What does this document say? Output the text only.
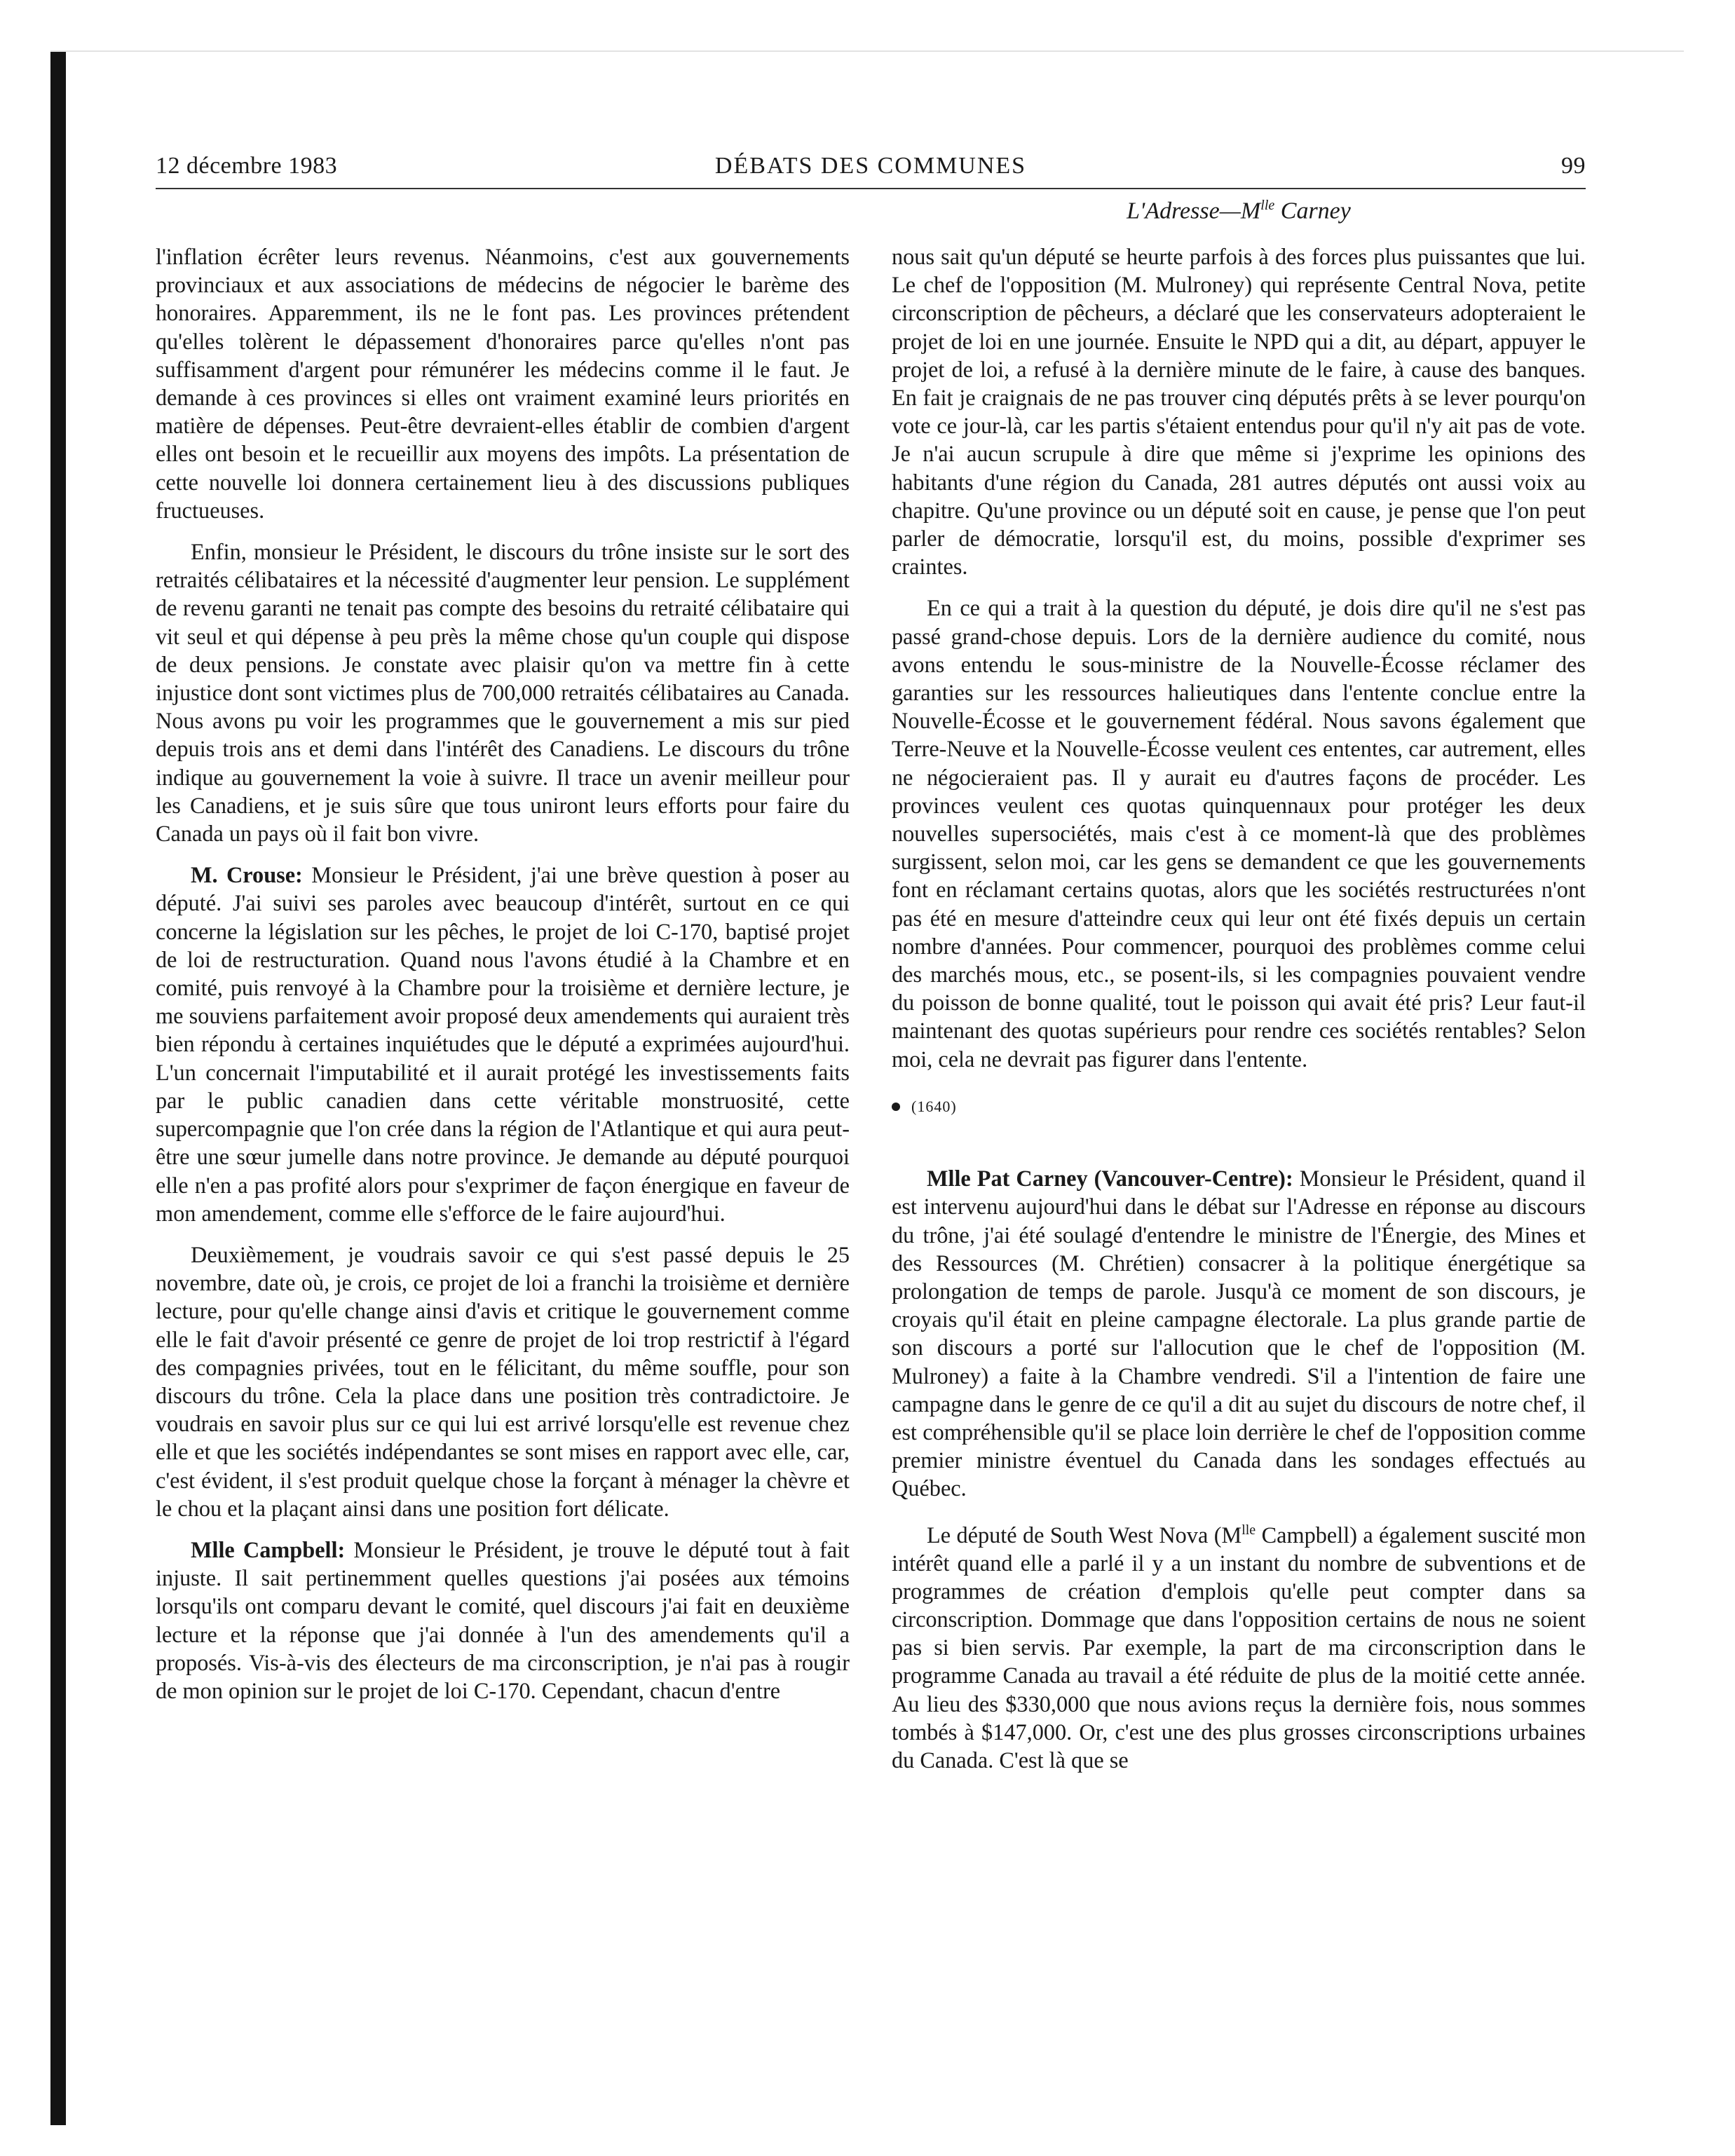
12 décembre 1983	DÉBATS DES COMMUNES	99
$L'Adresse—M^{lle}$ Carney

l'inflation écrêter leurs revenus. Néanmoins, c'est aux gouvernements provinciaux et aux associations de médecins de négocier le barème des honoraires. Apparemment, ils ne le font pas. Les provinces prétendent qu'elles tolèrent le dépassement d'honoraires parce qu'elles n'ont pas suffisamment d'argent pour rémunérer les médecins comme il le faut. Je demande à ces provinces si elles ont vraiment examiné leurs priorités en matière de dépenses. Peut-être devraient-elles établir de combien d'argent elles ont besoin et le recueillir aux moyens des impôts. La présentation de cette nouvelle loi donnera certainement lieu à des discussions publiques fructueuses.

Enfin, monsieur le Président, le discours du trône insiste sur le sort des retraités célibataires et la nécessité d'augmenter leur pension. Le supplément de revenu garanti ne tenait pas compte des besoins du retraité célibataire qui vit seul et qui dépense à peu près la même chose qu'un couple qui dispose de deux pensions. Je constate avec plaisir qu'on va mettre fin à cette injustice dont sont victimes plus de 700,000 retraités célibataires au Canada. Nous avons pu voir les programmes que le gouvernement a mis sur pied depuis trois ans et demi dans l'intérêt des Canadiens. Le discours du trône indique au gouvernement la voie à suivre. Il trace un avenir meilleur pour les Canadiens, et je suis sûre que tous uniront leurs efforts pour faire du Canada un pays où il fait bon vivre.

M. Crouse: Monsieur le Président, j'ai une brève question à poser au député. J'ai suivi ses paroles avec beaucoup d'intérêt, surtout en ce qui concerne la législation sur les pêches, le projet de loi C-170, baptisé projet de loi de restructuration. Quand nous l'avons étudié à la Chambre et en comité, puis renvoyé à la Chambre pour la troisième et dernière lecture, je me souviens parfaitement avoir proposé deux amendements qui auraient très bien répondu à certaines inquiétudes que le député a exprimées aujourd'hui. L'un concernait l'imputabilité et il aurait protégé les investissements faits par le public canadien dans cette véritable monstruosité, cette supercompagnie que l'on crée dans la région de l'Atlantique et qui aura peut-être une sœur jumelle dans notre province. Je demande au député pourquoi elle n'en a pas profité alors pour s'exprimer de façon énergique en faveur de mon amendement, comme elle s'efforce de le faire aujourd'hui.

Deuxièmement, je voudrais savoir ce qui s'est passé depuis le 25 novembre, date où, je crois, ce projet de loi a franchi la troisième et dernière lecture, pour qu'elle change ainsi d'avis et critique le gouvernement comme elle le fait d'avoir présenté ce genre de projet de loi trop restrictif à l'égard des compagnies privées, tout en le félicitant, du même souffle, pour son discours du trône. Cela la place dans une position très contradictoire. Je voudrais en savoir plus sur ce qui lui est arrivé lorsqu'elle est revenue chez elle et que les sociétés indépendantes se sont mises en rapport avec elle, car, c'est évident, il s'est produit quelque chose la forçant à ménager la chèvre et le chou et la plaçant ainsi dans une position fort délicate.

Mlle Campbell: Monsieur le Président, je trouve le député tout à fait injuste. Il sait pertinemment quelles questions j'ai posées aux témoins lorsqu'ils ont comparu devant le comité, quel discours j'ai fait en deuxième lecture et la réponse que j'ai donnée à l'un des amendements qu'il a proposés. Vis-à-vis des électeurs de ma circonscription, je n'ai pas à rougir de mon opinion sur le projet de loi C-170. Cependant, chacun d'entre

nous sait qu'un député se heurte parfois à des forces plus puissantes que lui. Le chef de l'opposition (M. Mulroney) qui représente Central Nova, petite circonscription de pêcheurs, a déclaré que les conservateurs adopteraient le projet de loi en une journée. Ensuite le NPD qui a dit, au départ, appuyer le projet de loi, a refusé à la dernière minute de le faire, à cause des banques. En fait je craignais de ne pas trouver cinq députés prêts à se lever pourqu'on vote ce jour-là, car les partis s'étaient entendus pour qu'il n'y ait pas de vote. Je n'ai aucun scrupule à dire que même si j'exprime les opinions des habitants d'une région du Canada, 281 autres députés ont aussi voix au chapitre. Qu'une province ou un député soit en cause, je pense que l'on peut parler de démocratie, lorsqu'il est, du moins, possible d'exprimer ses craintes.

En ce qui a trait à la question du député, je dois dire qu'il ne s'est pas passé grand-chose depuis. Lors de la dernière audience du comité, nous avons entendu le sous-ministre de la Nouvelle-Écosse réclamer des garanties sur les ressources halieutiques dans l'entente conclue entre la Nouvelle-Écosse et le gouvernement fédéral. Nous savons également que Terre-Neuve et la Nouvelle-Écosse veulent ces ententes, car autrement, elles ne négocieraient pas. Il y aurait eu d'autres façons de procéder. Les provinces veulent ces quotas quinquennaux pour protéger les deux nouvelles supersociétés, mais c'est à ce moment-là que des problèmes surgissent, selon moi, car les gens se demandent ce que les gouvernements font en réclamant certains quotas, alors que les sociétés restructurées n'ont pas été en mesure d'atteindre ceux qui leur ont été fixés depuis un certain nombre d'années. Pour commencer, pourquoi des problèmes comme celui des marchés mous, etc., se posent-ils, si les compagnies pouvaient vendre du poisson de bonne qualité, tout le poisson qui avait été pris? Leur faut-il maintenant des quotas supérieurs pour rendre ces sociétés rentables? Selon moi, cela ne devrait pas figurer dans l'entente.

(1640)

Mlle Pat Carney (Vancouver-Centre): Monsieur le Président, quand il est intervenu aujourd'hui dans le débat sur l'Adresse en réponse au discours du trône, j'ai été soulagé d'entendre le ministre de l'Énergie, des Mines et des Ressources (M. Chrétien) consacrer à la politique énergétique sa prolongation de temps de parole. Jusqu'à ce moment de son discours, je croyais qu'il était en pleine campagne électorale. La plus grande partie de son discours a porté sur l'allocution que le chef de l'opposition (M. Mulroney) a faite à la Chambre vendredi. S'il a l'intention de faire une campagne dans le genre de ce qu'il a dit au sujet du discours de notre chef, il est compréhensible qu'il se place loin derrière le chef de l'opposition comme premier ministre éventuel du Canada dans les sondages effectués au Québec.

Le député de South West Nova ($M^{lle}$ Campbell) a également suscité mon intérêt quand elle a parlé il y a un instant du nombre de subventions et de programmes de création d'emplois qu'elle peut compter dans sa circonscription. Dommage que dans l'opposition certains de nous ne soient pas si bien servis. Par exemple, la part de ma circonscription dans le programme Canada au travail a été réduite de plus de la moitié cette année. Au lieu des $330,000 que nous avions reçus la dernière fois, nous sommes tombés à $147,000. Or, c'est une des plus grosses circonscriptions urbaines du Canada. C'est là que se
